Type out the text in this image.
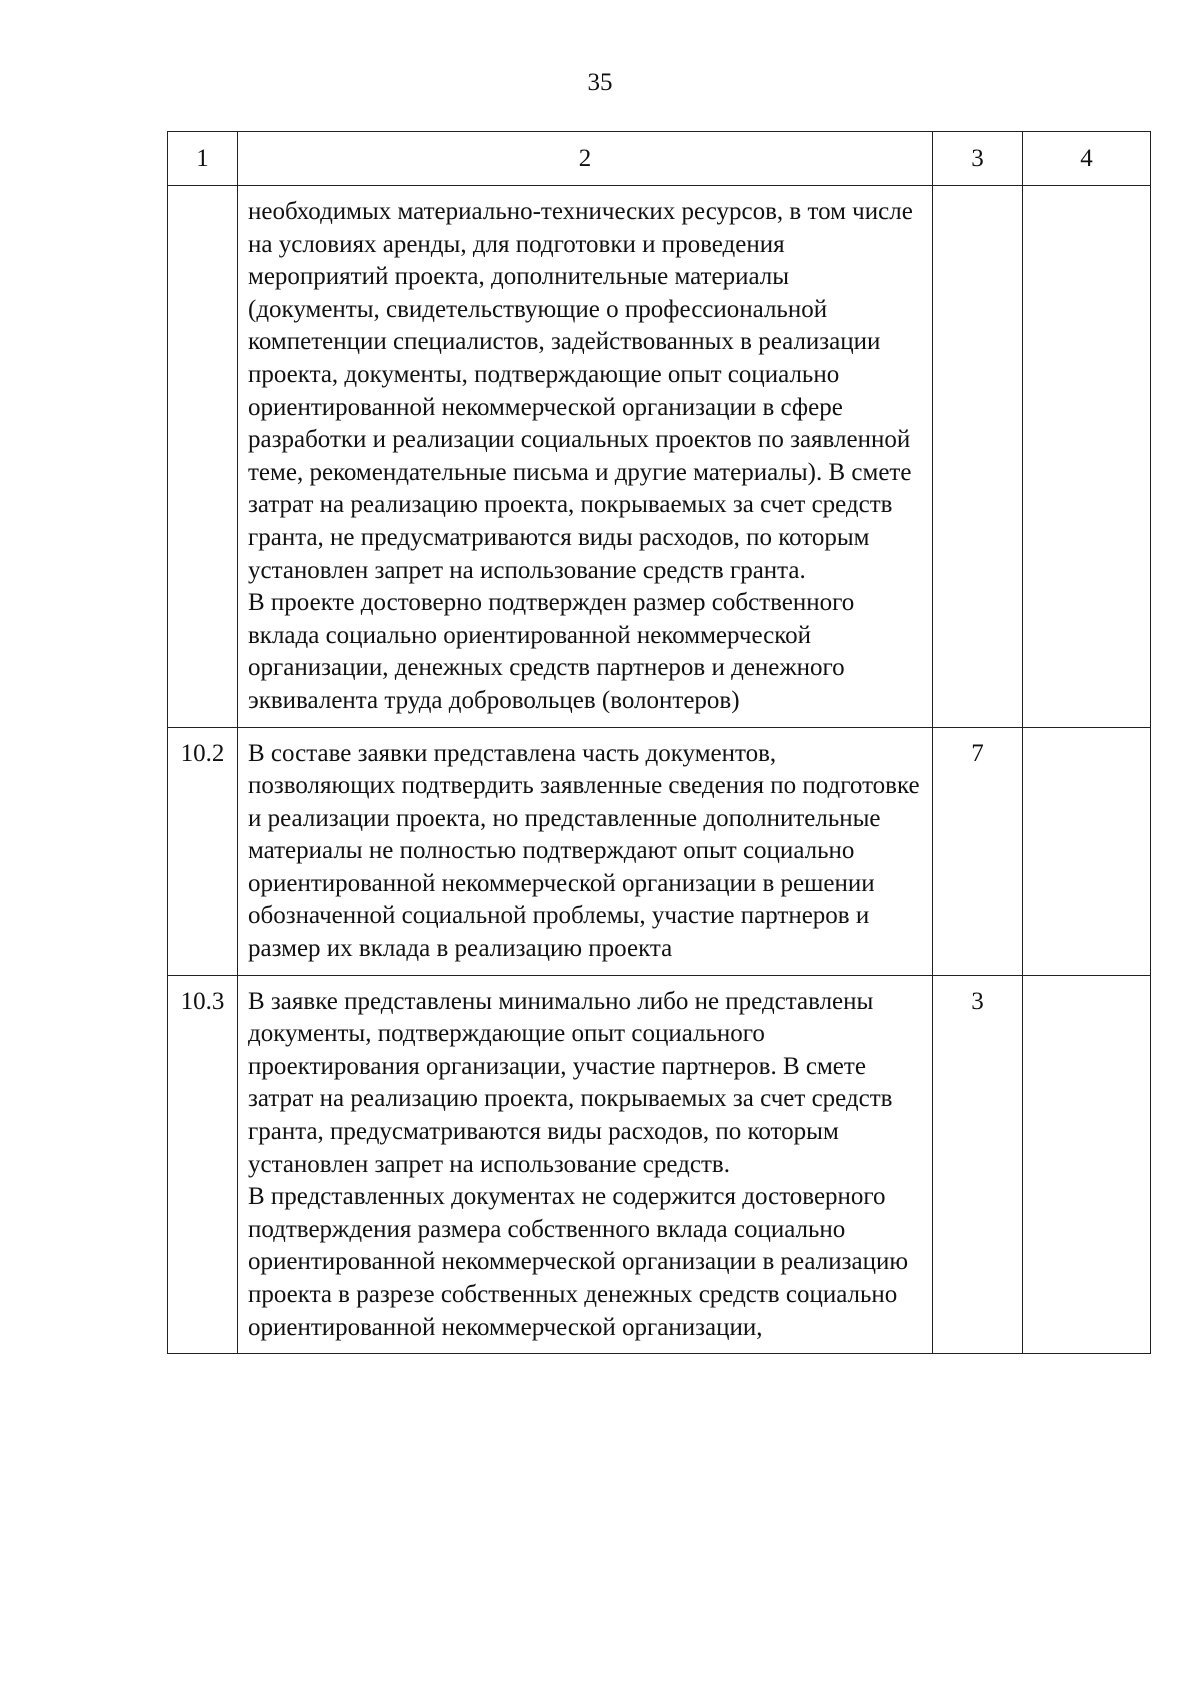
35
1	2	3	4

	необходимых материально-технических ресурсов, в том числе на условиях аренды, для подготовки и проведения мероприятий проекта, дополнительные материалы (документы, свидетельствующие о профессиональной компетенции специалистов, задействованных в реализации проекта, документы, подтверждающие опыт социально ориентированной некоммерческой организации в сфере разработки и реализации социальных проектов по заявленной теме, рекомендательные письма и другие материалы). В смете затрат на реализацию проекта, покрываемых за счет средств гранта, не предусматриваются виды расходов, по которым установлен запрет на использование средств гранта.

В проекте достоверно подтвержден размер собственного вклада социально ориентированной некоммерческой организации, денежных средств партнеров и денежного эквивалента труда добровольцев (волонтеров)		

10.2	В составе заявки представлена часть документов, позволяющих подтвердить заявленные сведения по подготовке и реализации проекта, но представленные дополнительные материалы не полностью подтверждают опыт социально ориентированной некоммерческой организации в решении обозначенной социальной проблемы, участие партнеров и размер их вклада в реализацию проекта	7	
10.3	В заявке представлены минимально либо не представлены документы, подтверждающие опыт социального проектирования организации, участие партнеров. В смете затрат на реализацию проекта, покрываемых за счет средств гранта, предусматриваются виды расходов, по которым установлен запрет на использование средств.

В представленных документах не содержится достоверного подтверждения размера собственного вклада социально ориентированной некоммерческой организации в реализацию проекта в разрезе собственных денежных средств социально ориентированной некоммерческой организации,	3	
